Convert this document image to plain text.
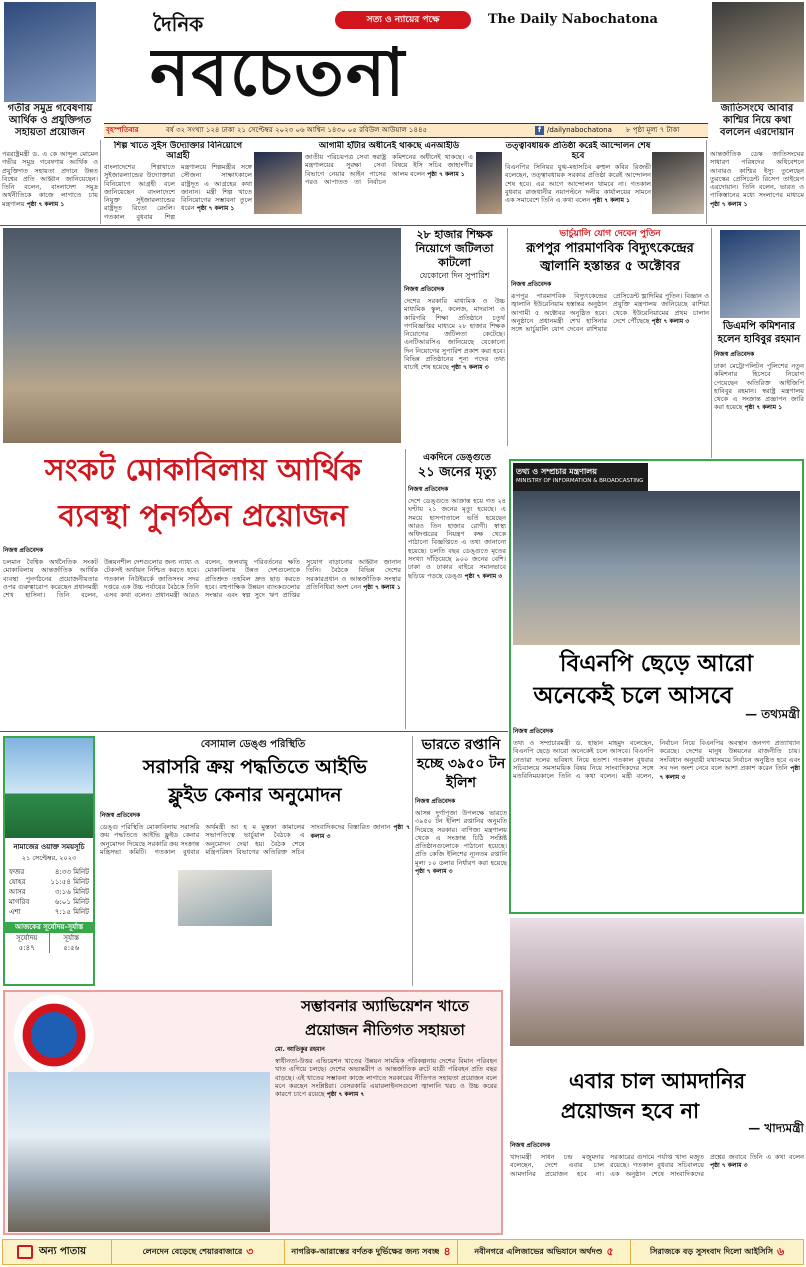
গতীর সমুদ্র গবেষণায় আর্থিক ও প্রযুক্তিগত সহায়তা প্রয়োজন
দৈনিক
নবচেতনা
সত্য ও ন্যায়ের পক্ষে	The Daily Nabochatona
জাতিসংঘে আবার কাশ্মির নিয়ে কথা বললেন এরদোয়ান
বৃহস্পতিবার	বর্ষ ৩২ সংখ্যা ১২৪ ঢাকা ২১ সেপ্টেম্বর ২০২৩ ০৬ আশ্বিন ১৪৩০ ০৫ রবিউল আউয়াল ১৪৪৫	f /dailynabochatona ৮ পৃষ্ঠা মূল্য ৭ টাকা
পররাষ্ট্রমন্ত্রী ড. এ কে আব্দুল মোমেন গভীর সমুদ্র গবেষণায় আর্থিক ও প্রযুক্তিগত সহায়তা প্রদানে উন্নত বিশ্বের প্রতি আহ্বান জানিয়েছেন। তিনি বলেন, বাংলাদেশ সমুদ্র অর্থনীতিকে কাজে লাগাতে চায় মন্ত্রণালয় পৃষ্ঠা ৭ কলাম ১
শিল্প খাতে সুইস উদ্যোক্তার বিনিয়োগে আগ্রহী
বাংলাদেশের শিল্পখাতে সুইজারল্যান্ডের উদ্যোক্তারা বিনিয়োগে আগ্রহী বলে জানিয়েছেন বাংলাদেশে নিযুক্ত সুইজারল্যান্ডের রাষ্ট্রদূত রিতো রেংলি। গতকাল বুধবার শিল্প মন্ত্রণালয়ে শিল্পমন্ত্রীর সঙ্গে সৌজন্য সাক্ষাৎকালে রাষ্ট্রদূত এ আগ্রহের কথা জানান। মন্ত্রী শিল্প খাতে বিনিয়োগের সম্ভাবনা তুলে ধরেন পৃষ্ঠা ৭ কলাম ১
আগামী হাঁটার অধীনেই থাকছে এনআইডি
জাতীয় পরিচয়পত্র সেবা স্বরাষ্ট্র মন্ত্রণালয়ের সুরক্ষা সেবা বিভাগে নেয়ার আইন পাসের পরও আপাতত তা নির্বাচন কমিশনের অধীনেই থাকছে। এ বিষয়ে ইসি সচিব জাহাংগীর আলম বলেন পৃষ্ঠা ৭ কলাম ১
তত্ত্বাবধায়ক প্রতিষ্ঠা করেই আন্দোলন শেষ হবে
বিএনপির সিনিয়র যুগ্ম-মহাসচিব রুহুল কবির রিজভী বলেছেন, তত্ত্বাবধায়ক সরকার প্রতিষ্ঠা করেই আন্দোলন শেষ হবে। এর আগে আন্দোলন থামবে না। গতকাল বুধবার রাজধানীর নয়াপল্টনে দলীয় কার্যালয়ের সামনে এক সমাবেশে তিনি এ কথা বলেন পৃষ্ঠা ৭ কলাম ১
আন্তর্জাতিক ডেস্ক জাতিসংঘের সাধারণ পরিষদের অধিবেশনে আবারও কাশ্মির ইস্যু তুলেছেন তুরস্কের প্রেসিডেন্ট রিসেপ তাইয়েপ এরদোয়ান। তিনি বলেন, ভারত ও পাকিস্তানের মধ্যে সংলাপের মাধ্যমে পৃষ্ঠা ৭ কলাম ১
২৮ হাজার শিক্ষক নিয়োগে জটিলতা কাটলো
যেকোনো দিন সুপারিশ
নিজস্ব প্রতিবেদক
দেশের সরকারি মাধ্যমিক ও উচ্চ মাধ্যমিক স্কুল, কলেজ, মাদরাসা ও কারিগরি শিক্ষা প্রতিষ্ঠানে চতুর্থ গণবিজ্ঞপ্তির মাধ্যমে ২৮ হাজার শিক্ষক নিয়োগের জটিলতা কেটেছে। এনটিআরসিএ জানিয়েছে যেকোনো দিন নিয়োগের সুপারিশ প্রকাশ করা হবে। বিভিন্ন প্রতিষ্ঠানের শূন্য পদের তথ্য যাচাই শেষ হয়েছে পৃষ্ঠা ৭ কলাম ৩
ভার্চুয়ালি যোগ দেবেন পুতিন
রূপপুর পারমাণবিক বিদ্যুৎকেন্দ্রের জ্বালানি হস্তান্তর ৫ অক্টোবর
নিজস্ব প্রতিবেদক
রূপপুর পারমাণবিক বিদ্যুৎকেন্দ্রের জ্বালানি ইউরেনিয়াম হস্তান্তর অনুষ্ঠান আগামী ৫ অক্টোবর অনুষ্ঠিত হবে। অনুষ্ঠানে প্রধানমন্ত্রী শেখ হাসিনার সঙ্গে ভার্চুয়ালি যোগ দেবেন রাশিয়ার প্রেসিডেন্ট ভ্লাদিমির পুতিন। বিজ্ঞান ও প্রযুক্তি মন্ত্রণালয় জানিয়েছে রাশিয়া থেকে ইউরেনিয়ামের প্রথম চালান দেশে পৌঁছেছে পৃষ্ঠা ৭ কলাম ৩	ডিএমপি কমিশনার হলেন হাবিবুর রহমান
নিজস্ব প্রতিবেদক
ঢাকা মেট্রোপলিটন পুলিশের নতুন কমিশনার হিসেবে নিয়োগ পেয়েছেন অতিরিক্ত আইজিপি হাবিবুর রহমান। স্বরাষ্ট্র মন্ত্রণালয় থেকে এ সংক্রান্ত প্রজ্ঞাপন জারি করা হয়েছে পৃষ্ঠা ৭ কলাম ১
সংকট মোকাবিলায় আর্থিক
ব্যবস্থা পুনর্গঠন প্রয়োজন
নিজস্ব প্রতিবেদক
চলমান বৈশ্বিক অর্থনৈতিক সংকট মোকাবিলায় আন্তর্জাতিক আর্থিক ব্যবস্থা পুনর্গঠনের প্রয়োজনীয়তার ওপর গুরুত্বারোপ করেছেন প্রধানমন্ত্রী শেখ হাসিনা। তিনি বলেন, উন্নয়নশীল দেশগুলোর জন্য ন্যায্য ও টেকসই অর্থায়ন নিশ্চিত করতে হবে। গতকাল নিউইয়র্কে জাতিসংঘ সদর দপ্তরে এক উচ্চ পর্যায়ের বৈঠকে তিনি এসব কথা বলেন। প্রধানমন্ত্রী আরও বলেন, জলবায়ু পরিবর্তনের ক্ষতি মোকাবিলায় উন্নত দেশগুলোকে প্রতিশ্রুত তহবিল দ্রুত ছাড় করতে হবে। বহুপাক্ষিক উন্নয়ন ব্যাংকগুলোর সংস্কার এবং স্বল্প সুদে ঋণ প্রাপ্তির সুযোগ বাড়ানোর আহ্বান জানান তিনি। বৈঠকে বিভিন্ন দেশের সরকারপ্রধান ও আন্তর্জাতিক সংস্থার প্রতিনিধিরা অংশ নেন পৃষ্ঠা ৭ কলাম ১
একদিনে ডেঙ্গুতে
২১ জনের মৃত্যু
নিজস্ব প্রতিবেদক
দেশে ডেঙ্গুতে আক্রান্ত হয়ে গত ২৪ ঘণ্টায় ২১ জনের মৃত্যু হয়েছে। এ সময়ে হাসপাতালে ভর্তি হয়েছেন আরও তিন হাজার রোগী। স্বাস্থ্য অধিদপ্তরের নিয়ন্ত্রণ কক্ষ থেকে পাঠানো বিজ্ঞপ্তিতে এ তথ্য জানানো হয়েছে। চলতি বছর ডেঙ্গুতে মৃতের সংখ্যা দাঁড়িয়েছে ৯০০ জনের বেশি। ঢাকা ও ঢাকার বাইরে সমানভাবে ছড়িয়ে পড়ছে ডেঙ্গু পৃষ্ঠা ৭ কলাম ৩
তথ্য ও সম্প্রচার মন্ত্রণালয়
MINISTRY OF INFORMATION & BROADCASTING
বিএনপি ছেড়ে আরো
অনেকেই চলে আসবে
— তথ্যমন্ত্রী
নিজস্ব প্রতিবেদক
তথ্য ও সম্প্রচারমন্ত্রী ড. হাছান মাহমুদ বলেছেন, বিএনপি ছেড়ে আরো অনেকেই চলে আসবে। বিএনপি নেতারা দলের ভবিষ্যৎ নিয়ে হতাশ। গতকাল বুধবার সচিবালয়ে সমসাময়িক বিষয় নিয়ে সাংবাদিকদের সঙ্গে মতবিনিময়কালে তিনি এ কথা বলেন। মন্ত্রী বলেন, নির্বাচন নিয়ে বিএনপির অবস্থান জনগণ প্রত্যাখ্যান করেছে। দেশের মানুষ উন্নয়নের রাজনীতি চায়। সংবিধান অনুযায়ী যথাসময়ে নির্বাচন অনুষ্ঠিত হবে এবং সব দল অংশ নেবে বলে আশা প্রকাশ করেন তিনি পৃষ্ঠা ৭ কলাম ৩
নামাজের ওয়াক্ত সময়সূচি
২১ সেপ্টেম্বর, ২০২৩
ফজর	৪:৩৩ মিনিট
যোহর	১১:৫৪ মিনিট
আসর	৩:১৬ মিনিট
মাগরিব	৬:০১ মিনিট
এশা	৭:১৫ মিনিট
আজকের সূর্যোদয়-সূর্যাস্ত
সূর্যোদয়
৫:৪৭
সূর্যাস্ত
৫:৫৬
বেসামাল ডেঙ্গু পরিস্থিতি
সরাসরি ক্রয় পদ্ধতিতে আইভি
ফ্লুইড কেনার অনুমোদন
নিজস্ব প্রতিবেদক
ডেঙ্গু পরিস্থিতি মোকাবিলায় সরাসরি ক্রয় পদ্ধতিতে আইভি ফ্লুইড কেনার অনুমোদন দিয়েছে সরকারি ক্রয় সংক্রান্ত মন্ত্রিসভা কমিটি। গতকাল বুধবার অর্থমন্ত্রী আ হ ম মুস্তফা কামালের সভাপতিত্বে ভার্চুয়াল বৈঠকে এ অনুমোদন দেয়া হয়। বৈঠক শেষে মন্ত্রিপরিষদ বিভাগের অতিরিক্ত সচিব সাংবাদিকদের বিস্তারিত জানান পৃষ্ঠা ৭ কলাম ৩
ভারতে রপ্তানি হচ্ছে ৩৯৫০ টন ইলিশ
নিজস্ব প্রতিবেদক
আসন্ন দুর্গাপূজা উপলক্ষে ভারতে ৩৯৫০ টন ইলিশ রপ্তানির অনুমতি দিয়েছে সরকার। বাণিজ্য মন্ত্রণালয় থেকে এ সংক্রান্ত চিঠি সংশ্লিষ্ট প্রতিষ্ঠানগুলোকে পাঠানো হয়েছে। প্রতি কেজি ইলিশের ন্যূনতম রপ্তানি মূল্য ১০ ডলার নির্ধারণ করা হয়েছে পৃষ্ঠা ৭ কলাম ৩
সম্ভাবনার অ্যাভিয়েশন খাতে
প্রয়োজন নীতিগত সহায়তা
মো. আতিকুর রহমান
স্বাধীনতা-উত্তর এভিয়েশন খাতের উন্নয়ন সাময়িক পরিকল্পনায় দেশের বিমান পরিবহন খাত এগিয়ে চলছে। দেশের অভ্যন্তরীণ ও আন্তর্জাতিক রুটে যাত্রী পরিবহন প্রতি বছর বাড়ছে। এই খাতের সম্ভাবনা কাজে লাগাতে সরকারের নীতিগত সহায়তা প্রয়োজন বলে মনে করছেন সংশ্লিষ্টরা। বেসরকারি এয়ারলাইনসগুলো জ্বালানি খরচ ও উচ্চ করের কারণে চাপে রয়েছে পৃষ্ঠা ৭ কলাম ৭
এবার চাল আমদানির
প্রয়োজন হবে না
— খাদ্যমন্ত্রী
নিজস্ব প্রতিবেদক
খাদ্যমন্ত্রী সাধন চন্দ্র মজুমদার বলেছেন, দেশে এবার চাল আমদানির প্রয়োজন হবে না। সরকারের গুদামে পর্যাপ্ত খাদ্য মজুত রয়েছে। গতকাল বুধবার সচিবালয়ে এক অনুষ্ঠান শেষে সাংবাদিকদের প্রশ্নের জবাবে তিনি এ কথা বলেন পৃষ্ঠা ৭ কলাম ৩
অন্য পাতায়	লেনদেন বেড়েছে শেয়ারবাজারে ৩	নাগরিক-আরাম্ভের বর্ণতক দুর্ভিক্ষের জন্য সবচ্ছ ৪	নবীনগরে এলিজাভের অভিযানে অর্থদণ্ড ৫	সিরাজকে বড় সুসংবাদ দিলো আইসিসি ৬
